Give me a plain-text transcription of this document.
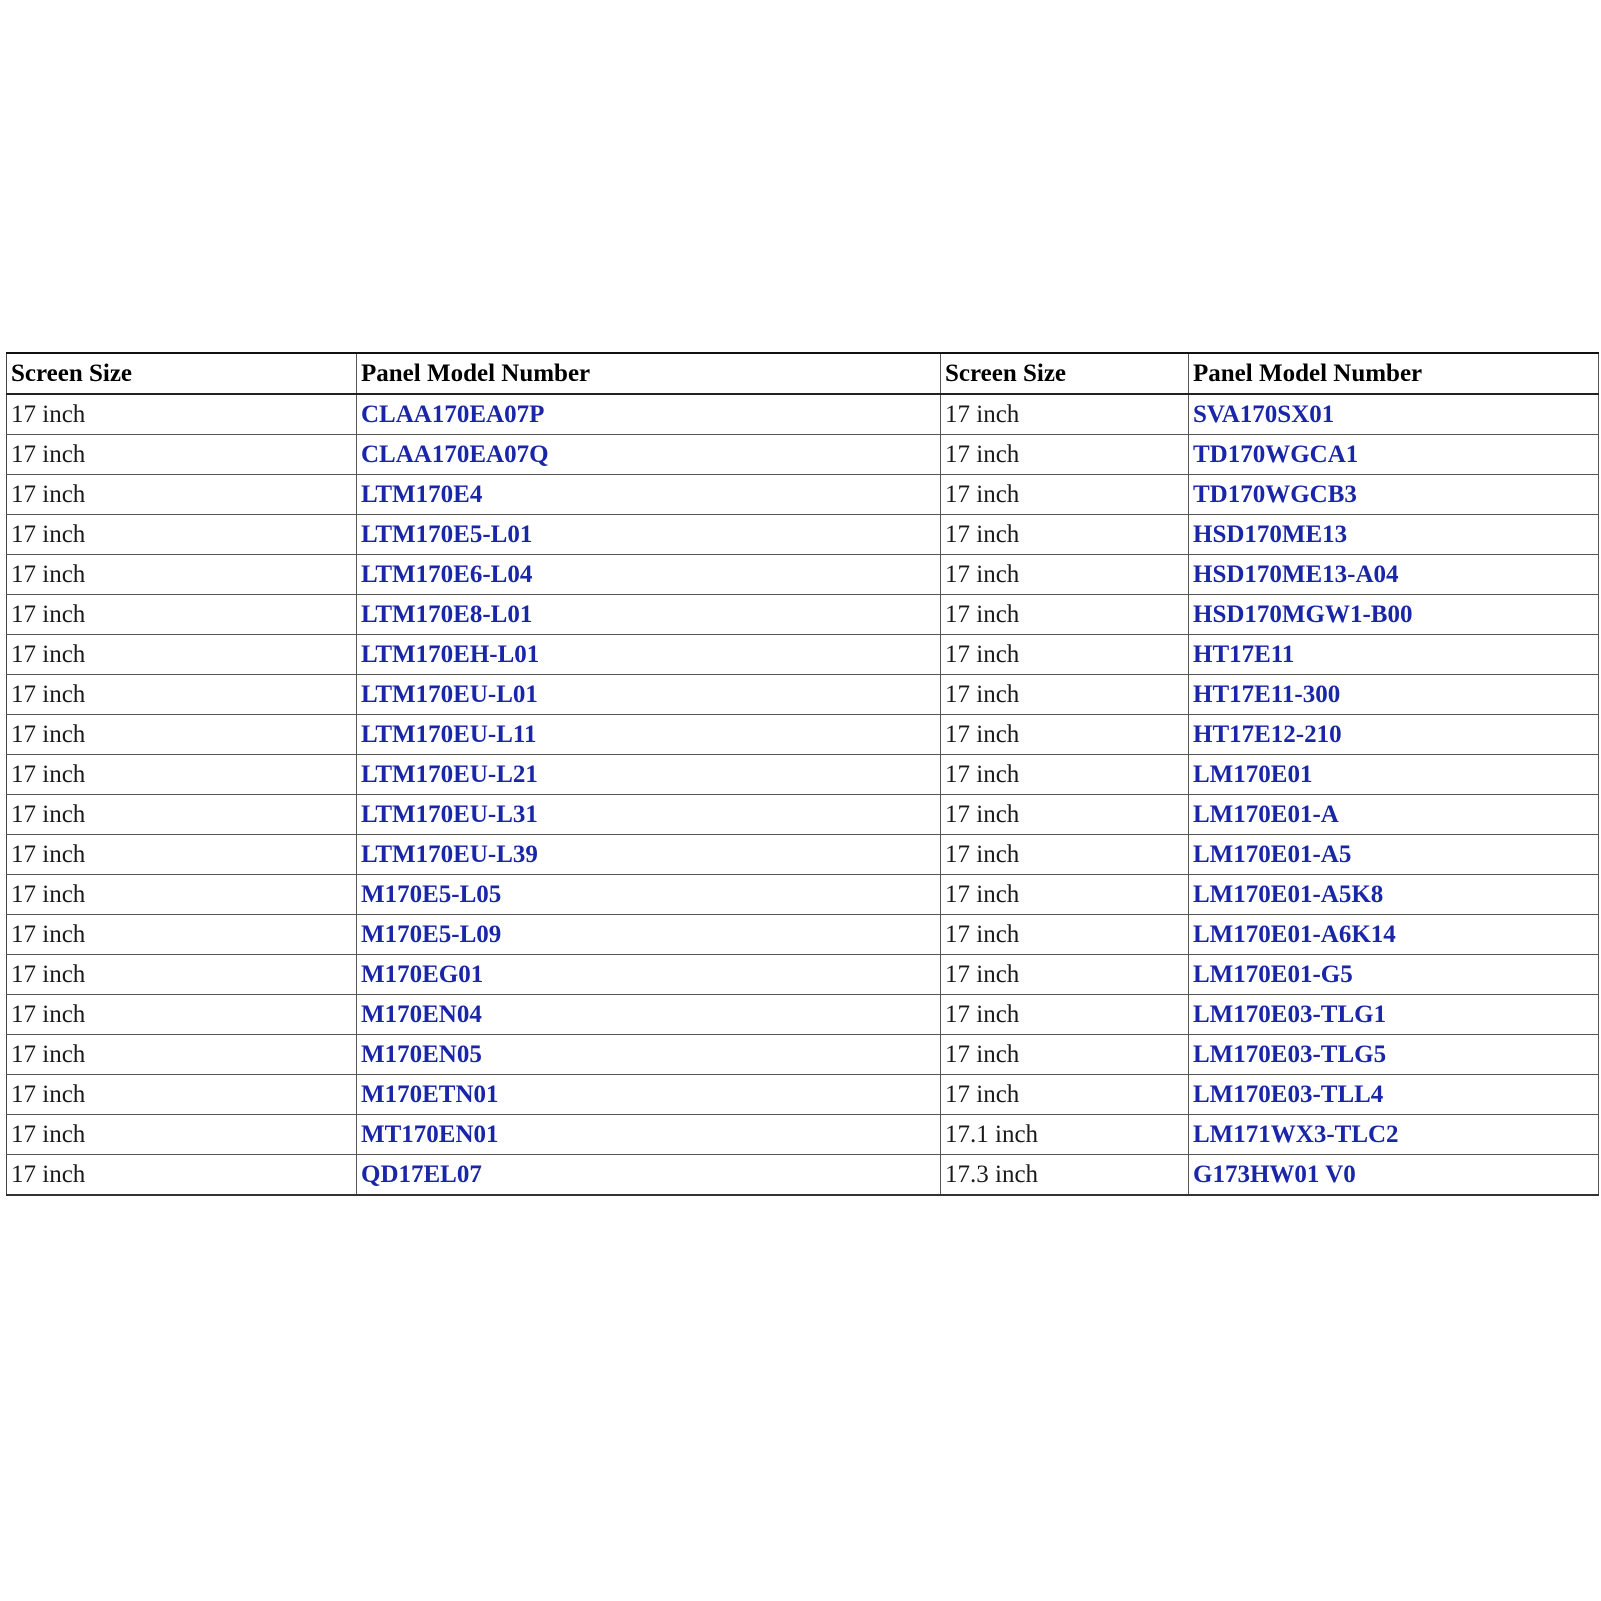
Screen Size	Panel Model Number	Screen Size	Panel Model Number
17 inch	CLAA170EA07P	17 inch	SVA170SX01
17 inch	CLAA170EA07Q	17 inch	TD170WGCA1
17 inch	LTM170E4	17 inch	TD170WGCB3
17 inch	LTM170E5-L01	17 inch	HSD170ME13
17 inch	LTM170E6-L04	17 inch	HSD170ME13-A04
17 inch	LTM170E8-L01	17 inch	HSD170MGW1-B00
17 inch	LTM170EH-L01	17 inch	HT17E11
17 inch	LTM170EU-L01	17 inch	HT17E11-300
17 inch	LTM170EU-L11	17 inch	HT17E12-210
17 inch	LTM170EU-L21	17 inch	LM170E01
17 inch	LTM170EU-L31	17 inch	LM170E01-A
17 inch	LTM170EU-L39	17 inch	LM170E01-A5
17 inch	M170E5-L05	17 inch	LM170E01-A5K8
17 inch	M170E5-L09	17 inch	LM170E01-A6K14
17 inch	M170EG01	17 inch	LM170E01-G5
17 inch	M170EN04	17 inch	LM170E03-TLG1
17 inch	M170EN05	17 inch	LM170E03-TLG5
17 inch	M170ETN01	17 inch	LM170E03-TLL4
17 inch	MT170EN01	17.1 inch	LM171WX3-TLC2
17 inch	QD17EL07	17.3 inch	G173HW01 V0
